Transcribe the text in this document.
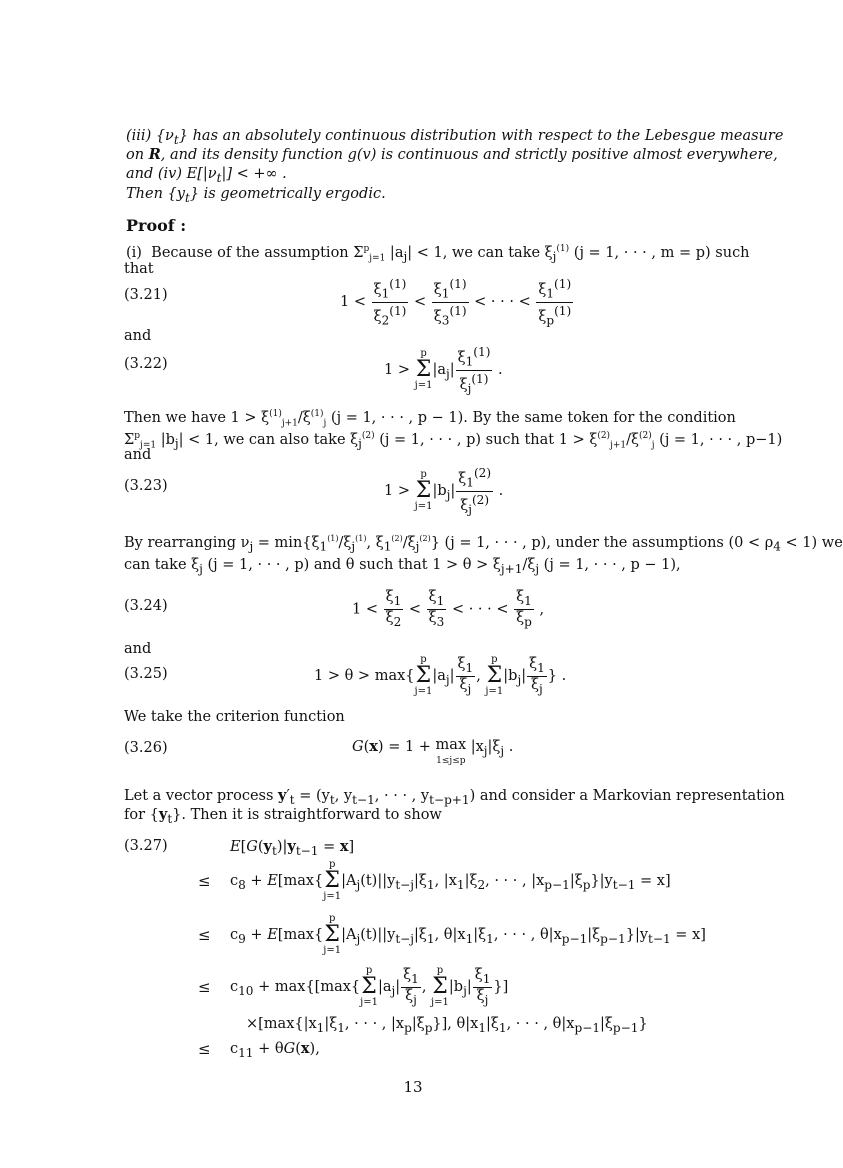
(iii) $\{\nu_t\}$ has an absolutely continuous distribution with respect to the Lebesgue measure
on R, and its density function g(v) is continuous and strictly positive almost everywhere,
and (iv) $E[|\nu_t|]$ < +∞ .
Then $\{y_t\}$ is geometrically ergodic.
Proof :
(i)  Because of the assumption $\Sigma^p_{j=1}$ $|a_j| < 1$, we can take $\xi_j^{(1)}$ (j = 1, · · · , m = p) such
that
(3.21)	$1 < \frac{\xi_1^{(1)}}{\xi_2^{(1)}} < \frac{\xi_1^{(1)}}{\xi_3^{(1)}}$ < · · · < $\frac{\xi_1^{(1)}}{\xi_p^{(1)}}$
and
(3.22)	1 > p
Σ
$j=1|a_j| \frac{\xi_1^{(1)}}{\xi_j^{(1)}}$ .
Then we have $1 > \xi^{(1)}_{j+1}/\xi^{(1)}_j$ (j = 1, · · · , p − 1). By the same token for the condition
$\Sigma^p_{j=1}$ $|b_j| < 1$, we can also take $\xi_j^{(2)}$ (j = 1, · · · , p) such that $1 > \xi^{(2)}_{j+1}/\xi^{(2)}_j$ (j = 1, · · · , p−1)
and
(3.23)	1 > p
Σ
$j=1|b_j| \frac{\xi_1^{(2)}}{\xi_j^{(2)}}$ .
By rearranging $\nu_j = \min\{\xi_1^{(1)}/\xi_j^{(1)}$, $\xi_1^{(2)}/\xi_j^{(2)}$} (j = 1, · · · , p), under the assumptions $(0 < \rho_4 < 1)$ we
can take $\xi_j$ (j = 1, · · · , p) and θ such that $1 > \theta > \xi_{j+1}/\xi_j$ (j = 1, · · · , p − 1),
(3.24)	$1 < \frac{\xi_1}{\xi_2} < \frac{\xi_1}{\xi_3}$ < · · · < $\frac{\xi_1}{\xi_p}$ ,
and
(3.25)	1 > θ > max{p
Σ
$j=1|a_j| \frac{\xi_1}{\xi_j}$ , p
Σ
$j=1|b_j| \frac{\xi_1}{\xi_j}$ } .
We take the criterion function
(3.26)	G(x) = 1 + max
1≤j≤p $|x_j|\xi_j$ .
Let a vector process $y'_t = (y_t$, $y_{t-1}$, · · · , $y_{t-p+1}$) and consider a Markovian representation
for $\{y_t\}$. Then it is straightforward to show
(3.27)	$E[G(y_t)|y_{t-1} = x]$
≤ $c_8 + E[\max\{p$
Σ
$j=1|A_j(t)||y_{t-j}|\xi_1$, $|x_1|\xi_2$, · · · , $|x_{p-1}|\xi_p\}|y_{t-1} = x$]
≤ $c_9 + E[\max\{p$
Σ
$j=1|A_j(t)||y_{t-j}|\xi_1$, $\theta|x_1|\xi_1$, · · · , $\theta|x_{p-1}|\xi_{p-1}\}|y_{t-1} = x$]
≤ $c_{10} + \max\{[\max\{p$
Σ
$j=1|a_j| \frac{\xi_1}{\xi_j}$ , p
Σ
$j=1|b_j| \frac{\xi_1}{\xi_j}$ }]
$\times[\max\{|x_1|\xi_1$, · · · , $|x_p|\xi_p$}], $\theta|x_1|\xi_1$, · · · , $\theta|x_{p-1}|\xi_{p-1}$}
≤ $c_{11} + \theta G(x)$,
13
